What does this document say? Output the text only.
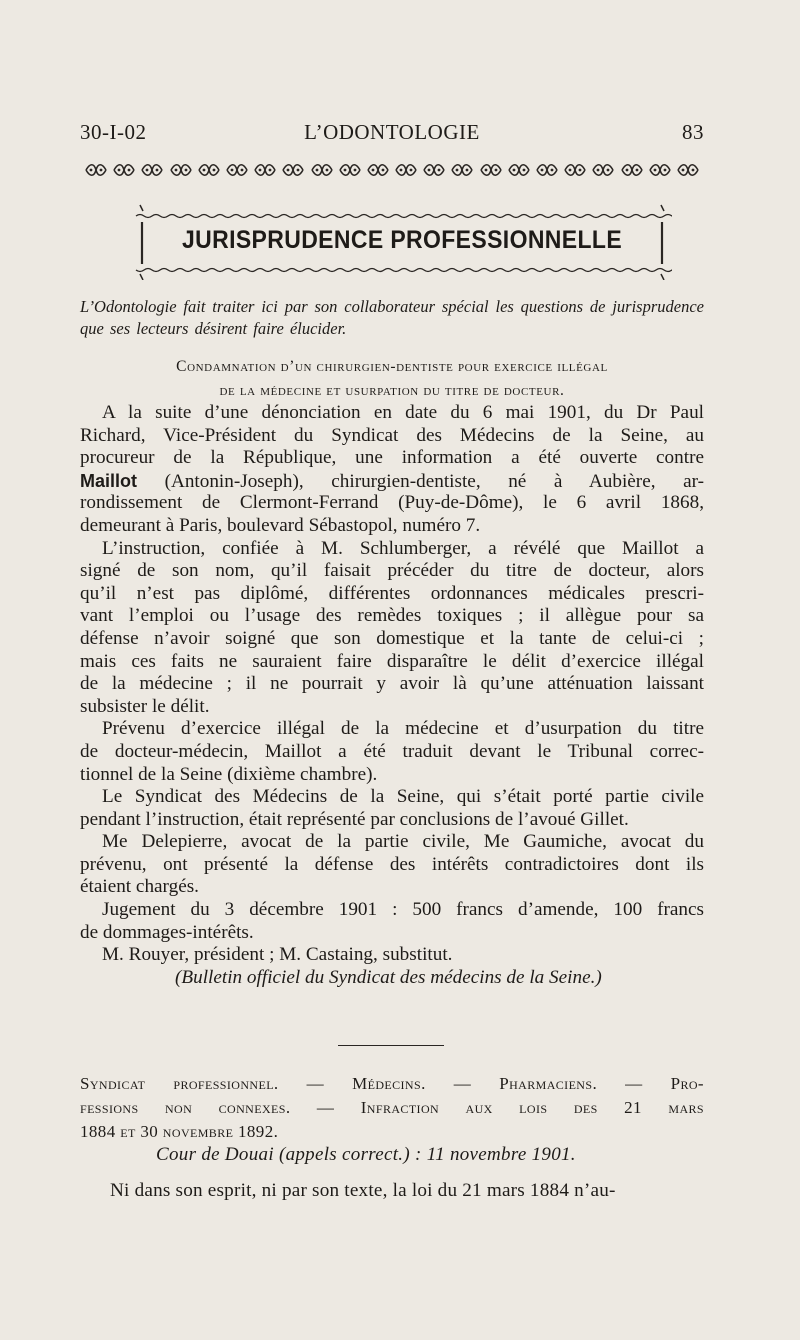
30-I-02	L’ODONTOLOGIE	83
JURISPRUDENCE PROFESSIONNELLE
L’Odontologie fait traiter ici par son collaborateur spécial les questions de jurisprudence que ses lecteurs désirent faire élucider.
Condamnation d’un chirurgien-dentiste pour exercice illégal
de la médecine et usurpation du titre de docteur.
A la suite d’une dénonciation en date du 6 mai 1901, du Dr Paul
Richard, Vice-Président du Syndicat des Médecins de la Seine, au
procureur de la République, une information a été ouverte contre
Maillot (Antonin-Joseph), chirurgien-dentiste, né à Aubière, ar-
rondissement de Clermont-Ferrand (Puy-de-Dôme), le 6 avril 1868,
demeurant à Paris, boulevard Sébastopol, numéro 7.
L’instruction, confiée à M. Schlumberger, a révélé que Maillot a
signé de son nom, qu’il faisait précéder du titre de docteur, alors
qu’il n’est pas diplômé, différentes ordonnances médicales prescri-
vant l’emploi ou l’usage des remèdes toxiques ; il allègue pour sa
défense n’avoir soigné que son domestique et la tante de celui-ci ;
mais ces faits ne sauraient faire disparaître le délit d’exercice illégal
de la médecine ; il ne pourrait y avoir là qu’une atténuation laissant
subsister le délit.
Prévenu d’exercice illégal de la médecine et d’usurpation du titre
de docteur-médecin, Maillot a été traduit devant le Tribunal correc-
tionnel de la Seine (dixième chambre).
Le Syndicat des Médecins de la Seine, qui s’était porté partie civile
pendant l’instruction, était représenté par conclusions de l’avoué Gillet.
Me Delepierre, avocat de la partie civile, Me Gaumiche, avocat du
prévenu, ont présenté la défense des intérêts contradictoires dont ils
étaient chargés.
Jugement du 3 décembre 1901 : 500 francs d’amende, 100 francs
de dommages-intérêts.
M. Rouyer, président ; M. Castaing, substitut.
(Bulletin officiel du Syndicat des médecins de la Seine.)
Syndicat professionnel. — Médecins. — Pharmaciens. — Pro-
fessions non connexes. — Infraction aux lois des 21 mars
1884 et 30 novembre 1892.
Cour de Douai (appels correct.) : 11 novembre 1901.
Ni dans son esprit, ni par son texte, la loi du 21 mars 1884 n’au-
